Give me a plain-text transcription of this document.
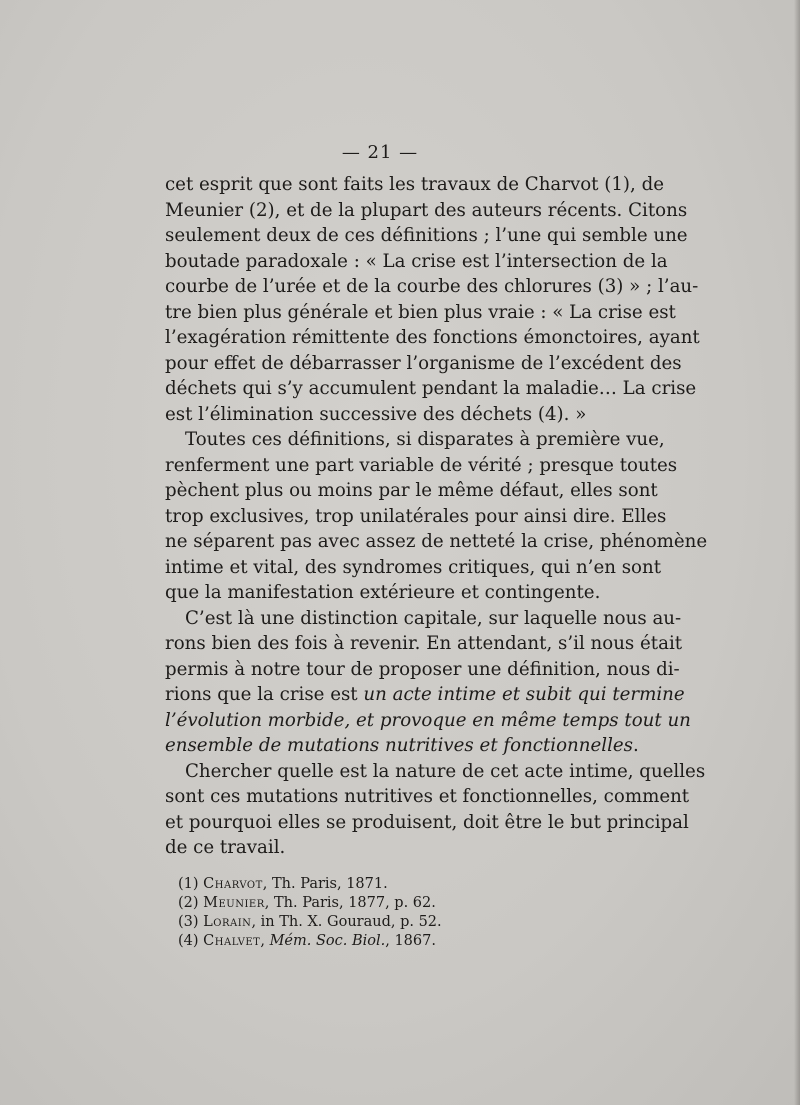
— 21 —
cet esprit que sont faits les travaux de Charvot (1), de
Meunier (2), et de la plupart des auteurs récents. Citons
seulement deux de ces définitions ; l’une qui semble une
boutade paradoxale : « La crise est l’intersection de la
courbe de l’urée et de la courbe des chlorures (3) » ; l’au-
tre bien plus générale et bien plus vraie : « La crise est
l’exagération rémittente des fonctions émonctoires, ayant
pour effet de débarrasser l’organisme de l’excédent des
déchets qui s’y accumulent pendant la maladie… La crise
est l’élimination successive des déchets (4). »
Toutes ces définitions, si disparates à première vue,
renferment une part variable de vérité ; presque toutes
pèchent plus ou moins par le même défaut, elles sont
trop exclusives, trop unilatérales pour ainsi dire. Elles
ne séparent pas avec assez de netteté la crise, phénomène
intime et vital, des syndromes critiques, qui n’en sont
que la manifestation extérieure et contingente.
C’est là une distinction capitale, sur laquelle nous au-
rons bien des fois à revenir. En attendant, s’il nous était
permis à notre tour de proposer une définition, nous di-
rions que la crise est un acte intime et subit qui termine
l’évolution morbide, et provoque en même temps tout un
ensemble de mutations nutritives et fonctionnelles.
Chercher quelle est la nature de cet acte intime, quelles
sont ces mutations nutritives et fonctionnelles, comment
et pourquoi elles se produisent, doit être le but principal
de ce travail.
(1) Charvot, Th. Paris, 1871.
(2) Meunier, Th. Paris, 1877, p. 62.
(3) Lorain, in Th. X. Gouraud, p. 52.
(4) Chalvet, Mém. Soc. Biol., 1867.
